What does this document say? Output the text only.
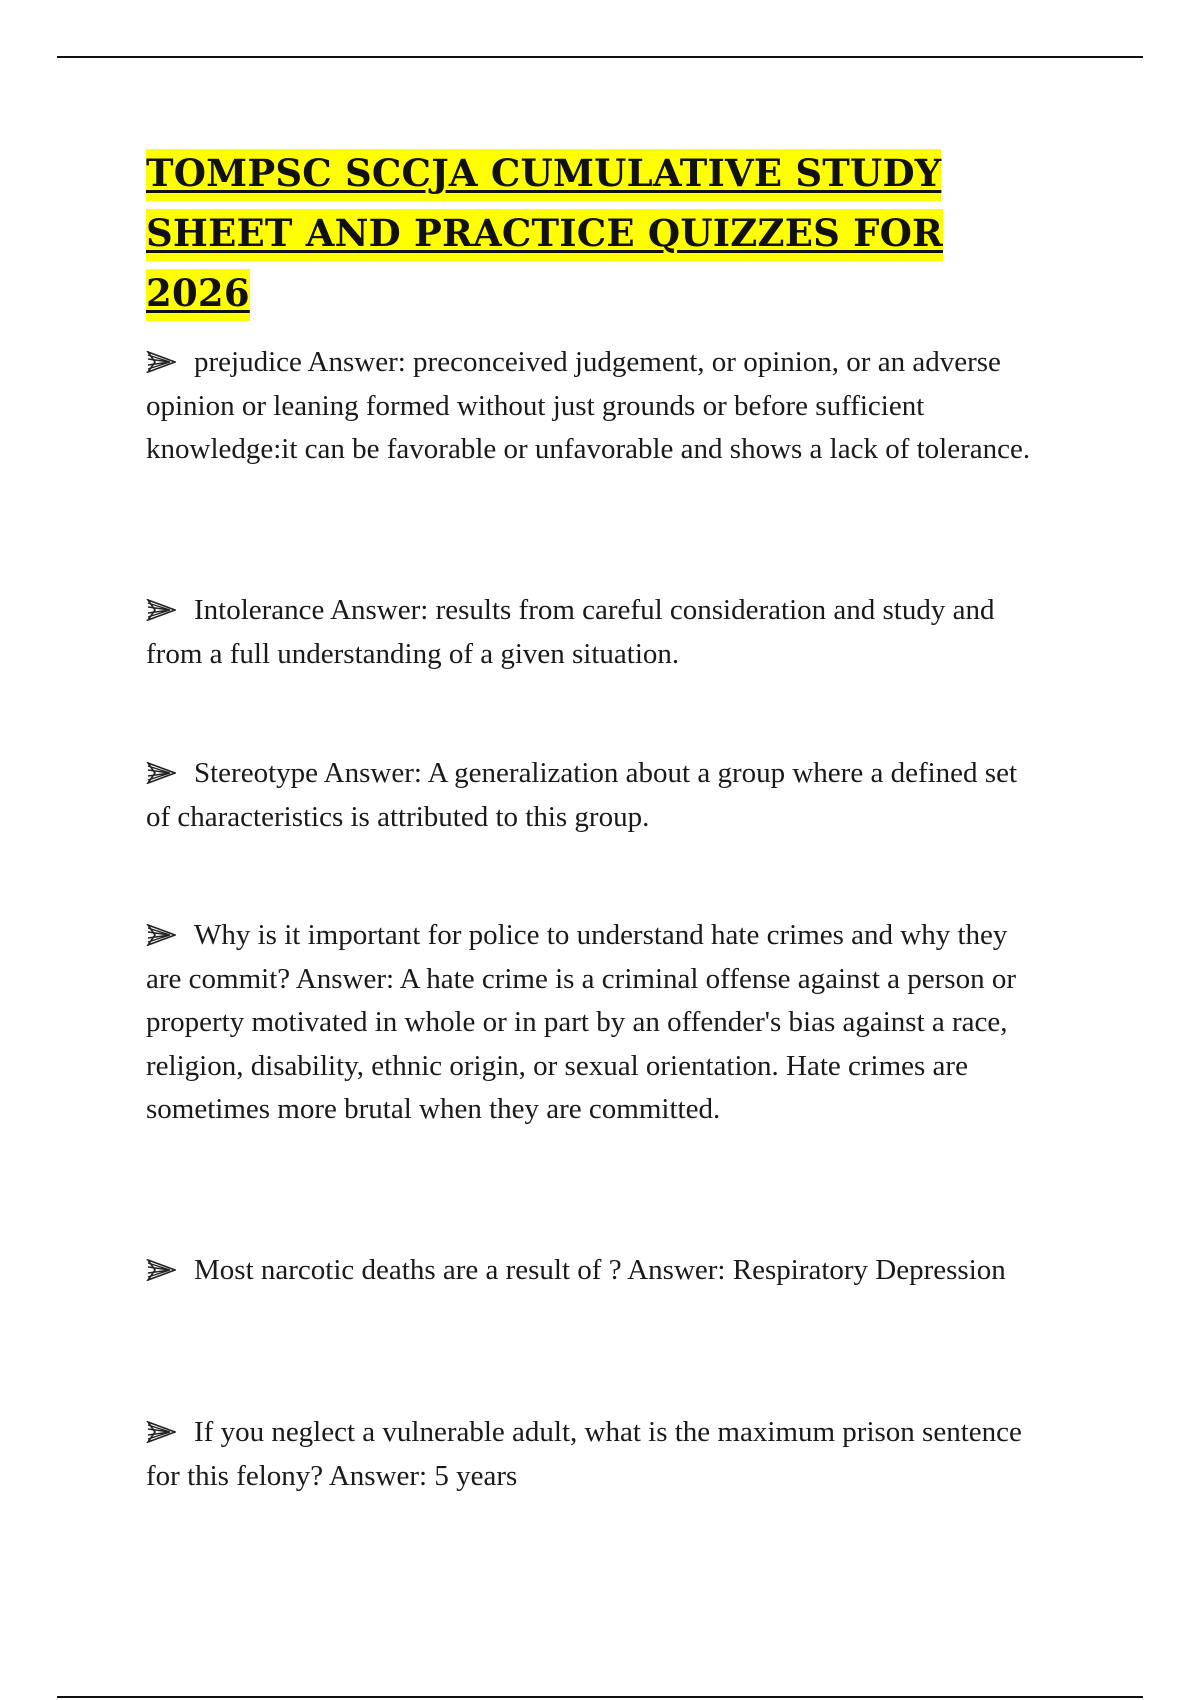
TOMPSC SCCJA CUMULATIVE STUDY SHEET AND PRACTICE QUIZZES FOR 2026
prejudice Answer: preconceived judgement, or opinion, or an adverse opinion or leaning formed without just grounds or before sufficient knowledge:it can be favorable or unfavorable and shows a lack of tolerance.
Intolerance Answer: results from careful consideration and study and from a full understanding of a given situation.
Stereotype Answer: A generalization about a group where a defined set of characteristics is attributed to this group.
Why is it important for police to understand hate crimes and why they are commit? Answer: A hate crime is a criminal offense against a person or property motivated in whole or in part by an offender's bias against a race, religion, disability, ethnic origin, or sexual orientation. Hate crimes are sometimes more brutal when they are committed.
Most narcotic deaths are a result of ? Answer: Respiratory Depression
If you neglect a vulnerable adult, what is the maximum prison sentence for this felony? Answer: 5 years
